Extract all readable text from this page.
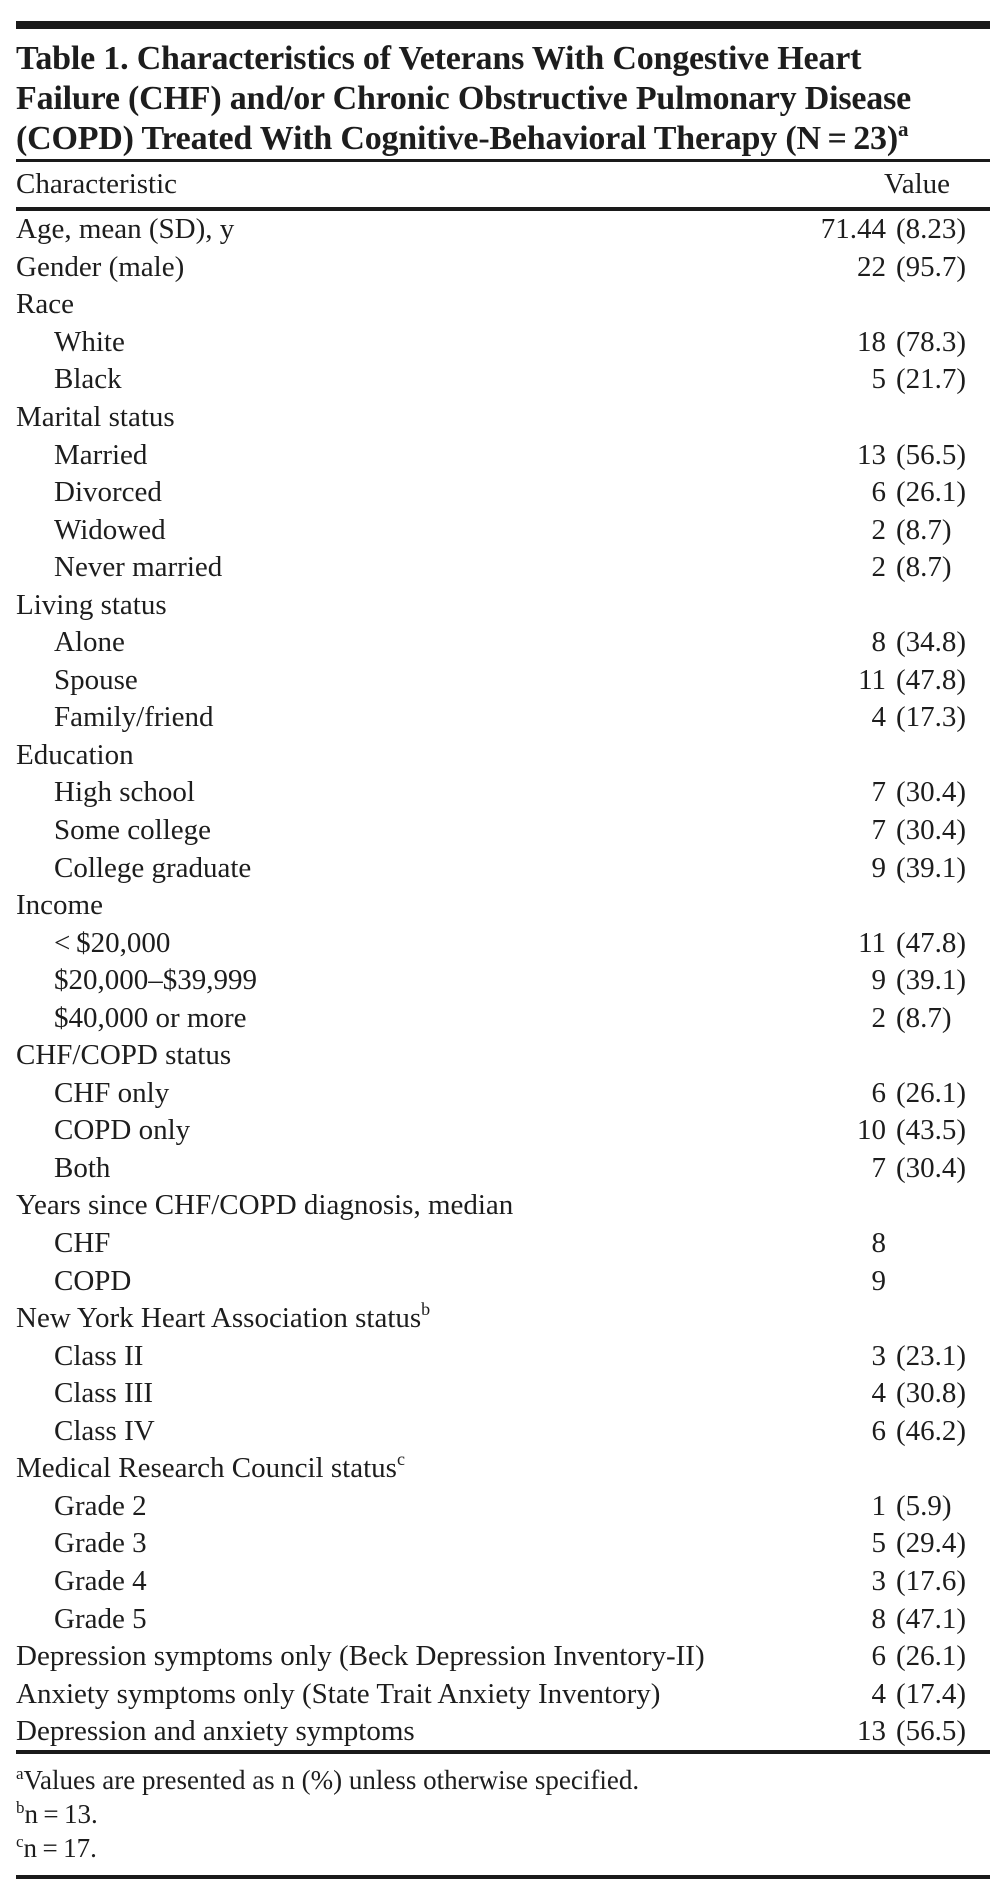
Table 1. Characteristics of Veterans With Congestive Heart
Failure (CHF) and/or Chronic Obstructive Pulmonary Disease
(COPD) Treated With Cognitive-Behavioral Therapy (N = 23)$^a$
Characteristic	Value
Age, mean (SD), y	71.44 (8.23)
Gender (male)	22 (95.7)
Race
White	18 (78.3)
Black	5 (21.7)
Marital status
Married	13 (56.5)
Divorced	6 (26.1)
Widowed	2 (8.7)
Never married	2 (8.7)
Living status
Alone	8 (34.8)
Spouse	11 (47.8)
Family/friend	4 (17.3)
Education
High school	7 (30.4)
Some college	7 (30.4)
College graduate	9 (39.1)
Income
< $20,000	11 (47.8)
$20,000–$39,999	9 (39.1)
$40,000 or more	2 (8.7)
CHF/COPD status
CHF only	6 (26.1)
COPD only	10 (43.5)
Both	7 (30.4)
Years since CHF/COPD diagnosis, median
CHF	8
COPD	9
New York Heart Association status$^b$
Class II	3 (23.1)
Class III	4 (30.8)
Class IV	6 (46.2)
Medical Research Council status$^c$
Grade 2	1 (5.9)
Grade 3	5 (29.4)
Grade 4	3 (17.6)
Grade 5	8 (47.1)
Depression symptoms only (Beck Depression Inventory-II)	6 (26.1)
Anxiety symptoms only (State Trait Anxiety Inventory)	4 (17.4)
Depression and anxiety symptoms	13 (56.5)
$^a$Values are presented as n (%) unless otherwise specified.
$^b$n = 13.
$^c$n = 17.
